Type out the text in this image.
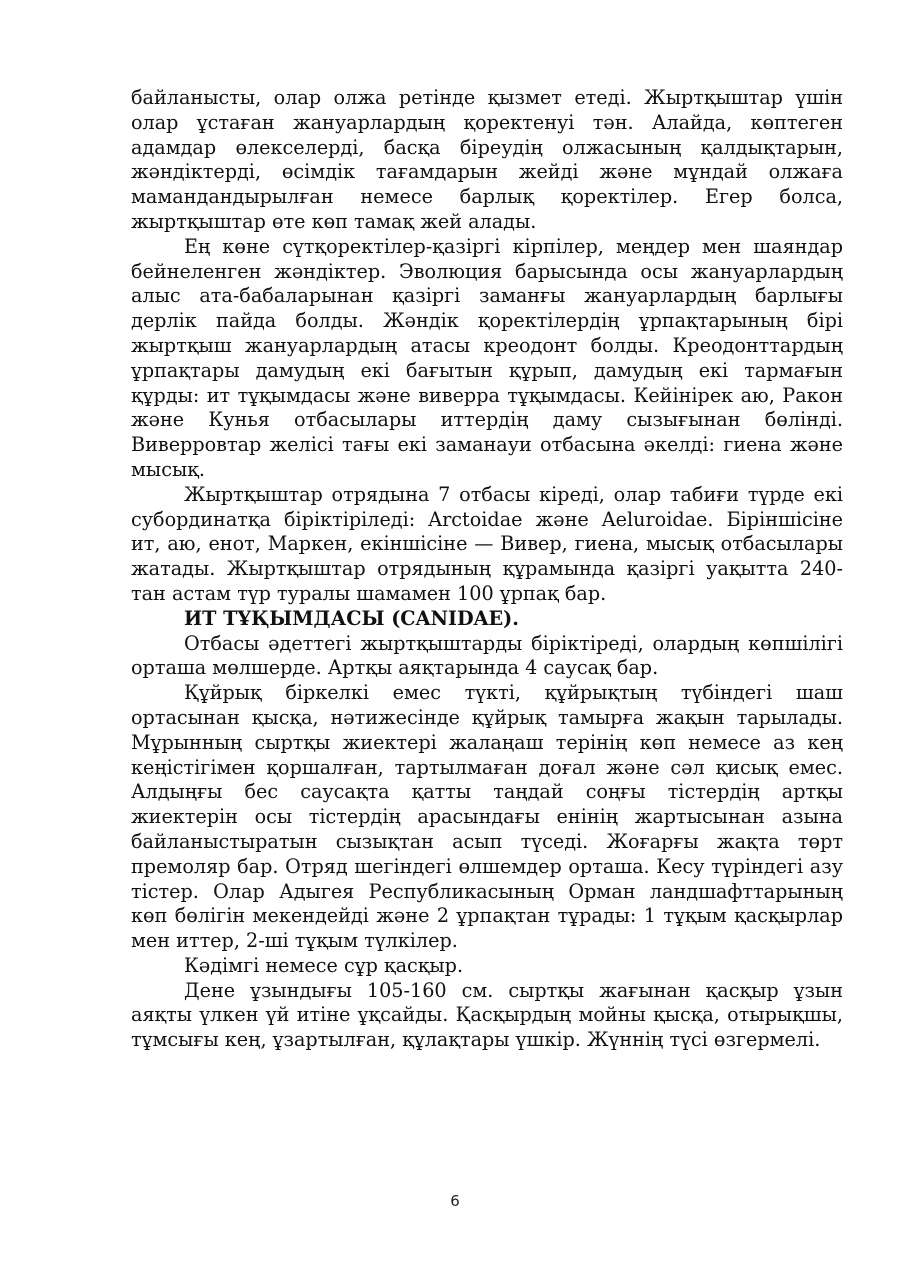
байланысты, олар олжа ретінде қызмет етеді. Жыртқыштар үшін олар ұстаған жануарлардың қоректенуі тән. Алайда, көптеген адамдар өлекселерді, басқа біреудің олжасының қалдықтарын, жәндіктерді, өсімдік тағамдарын жейді және мұндай олжаға мамандандырылған немесе барлық қоректілер. Егер болса, жыртқыштар өте көп тамақ жей алады.

Ең көне сүтқоректілер-қазіргі кірпілер, меңдер мен шаяндар бейнеленген жәндіктер. Эволюция барысында осы жануарлардың алыс ата-бабаларынан қазіргі заманғы жануарлардың барлығы дерлік пайда болды. Жәндік қоректілердің ұрпақтарының бірі жыртқыш жануарлардың атасы креодонт болды. Креодонттардың ұрпақтары дамудың екі бағытын құрып, дамудың екі тармағын құрды: ит тұқымдасы және виверра тұқымдасы. Кейінірек аю, Ракон және Кунья отбасылары иттердің даму сызығынан бөлінді. Виверровтар желісі тағы екі заманауи отбасына әкелді: гиена және мысық.

Жыртқыштар отрядына 7 отбасы кіреді, олар табиғи түрде екі субординатқа біріктіріледі: Arctoidae және Aeluroidae. Біріншісіне ит, аю, енот, Маркен, екіншісіне — Вивер, гиена, мысық отбасылары жатады. Жыртқыштар отрядының құрамында қазіргі уақытта 240-тан астам түр туралы шамамен 100 ұрпақ бар.

ИТ ТҰҚЫМДАСЫ (CANIDAE).

Отбасы әдеттегі жыртқыштарды біріктіреді, олардың көпшілігі орташа мөлшерде. Артқы аяқтарында 4 саусақ бар.

Құйрық біркелкі емес түкті, құйрықтың түбіндегі шаш ортасынан қысқа, нәтижесінде құйрық тамырға жақын тарылады. Мұрынның сыртқы жиектері жалаңаш терінің көп немесе аз кең кеңістігімен қоршалған, тартылмаған доғал және сәл қисық емес. Алдыңғы бес саусақта қатты таңдай соңғы тістердің артқы жиектерін осы тістердің арасындағы енінің жартысынан азына байланыстыратын сызықтан асып түседі. Жоғарғы жақта төрт премоляр бар. Отряд шегіндегі өлшемдер орташа. Кесу түріндегі азу тістер. Олар Адыгея Республикасының Орман ландшафттарының көп бөлігін мекендейді және 2 ұрпақтан тұрады: 1 тұқым қасқырлар мен иттер, 2-ші тұқым түлкілер.

Кәдімгі немесе сұр қасқыр.

Дене ұзындығы 105-160 см. сыртқы жағынан қасқыр ұзын аяқты үлкен үй итіне ұқсайды. Қасқырдың мойны қысқа, отырықшы, тұмсығы кең, ұзартылған, құлақтары үшкір. Жүннің түсі өзгермелі.

6
